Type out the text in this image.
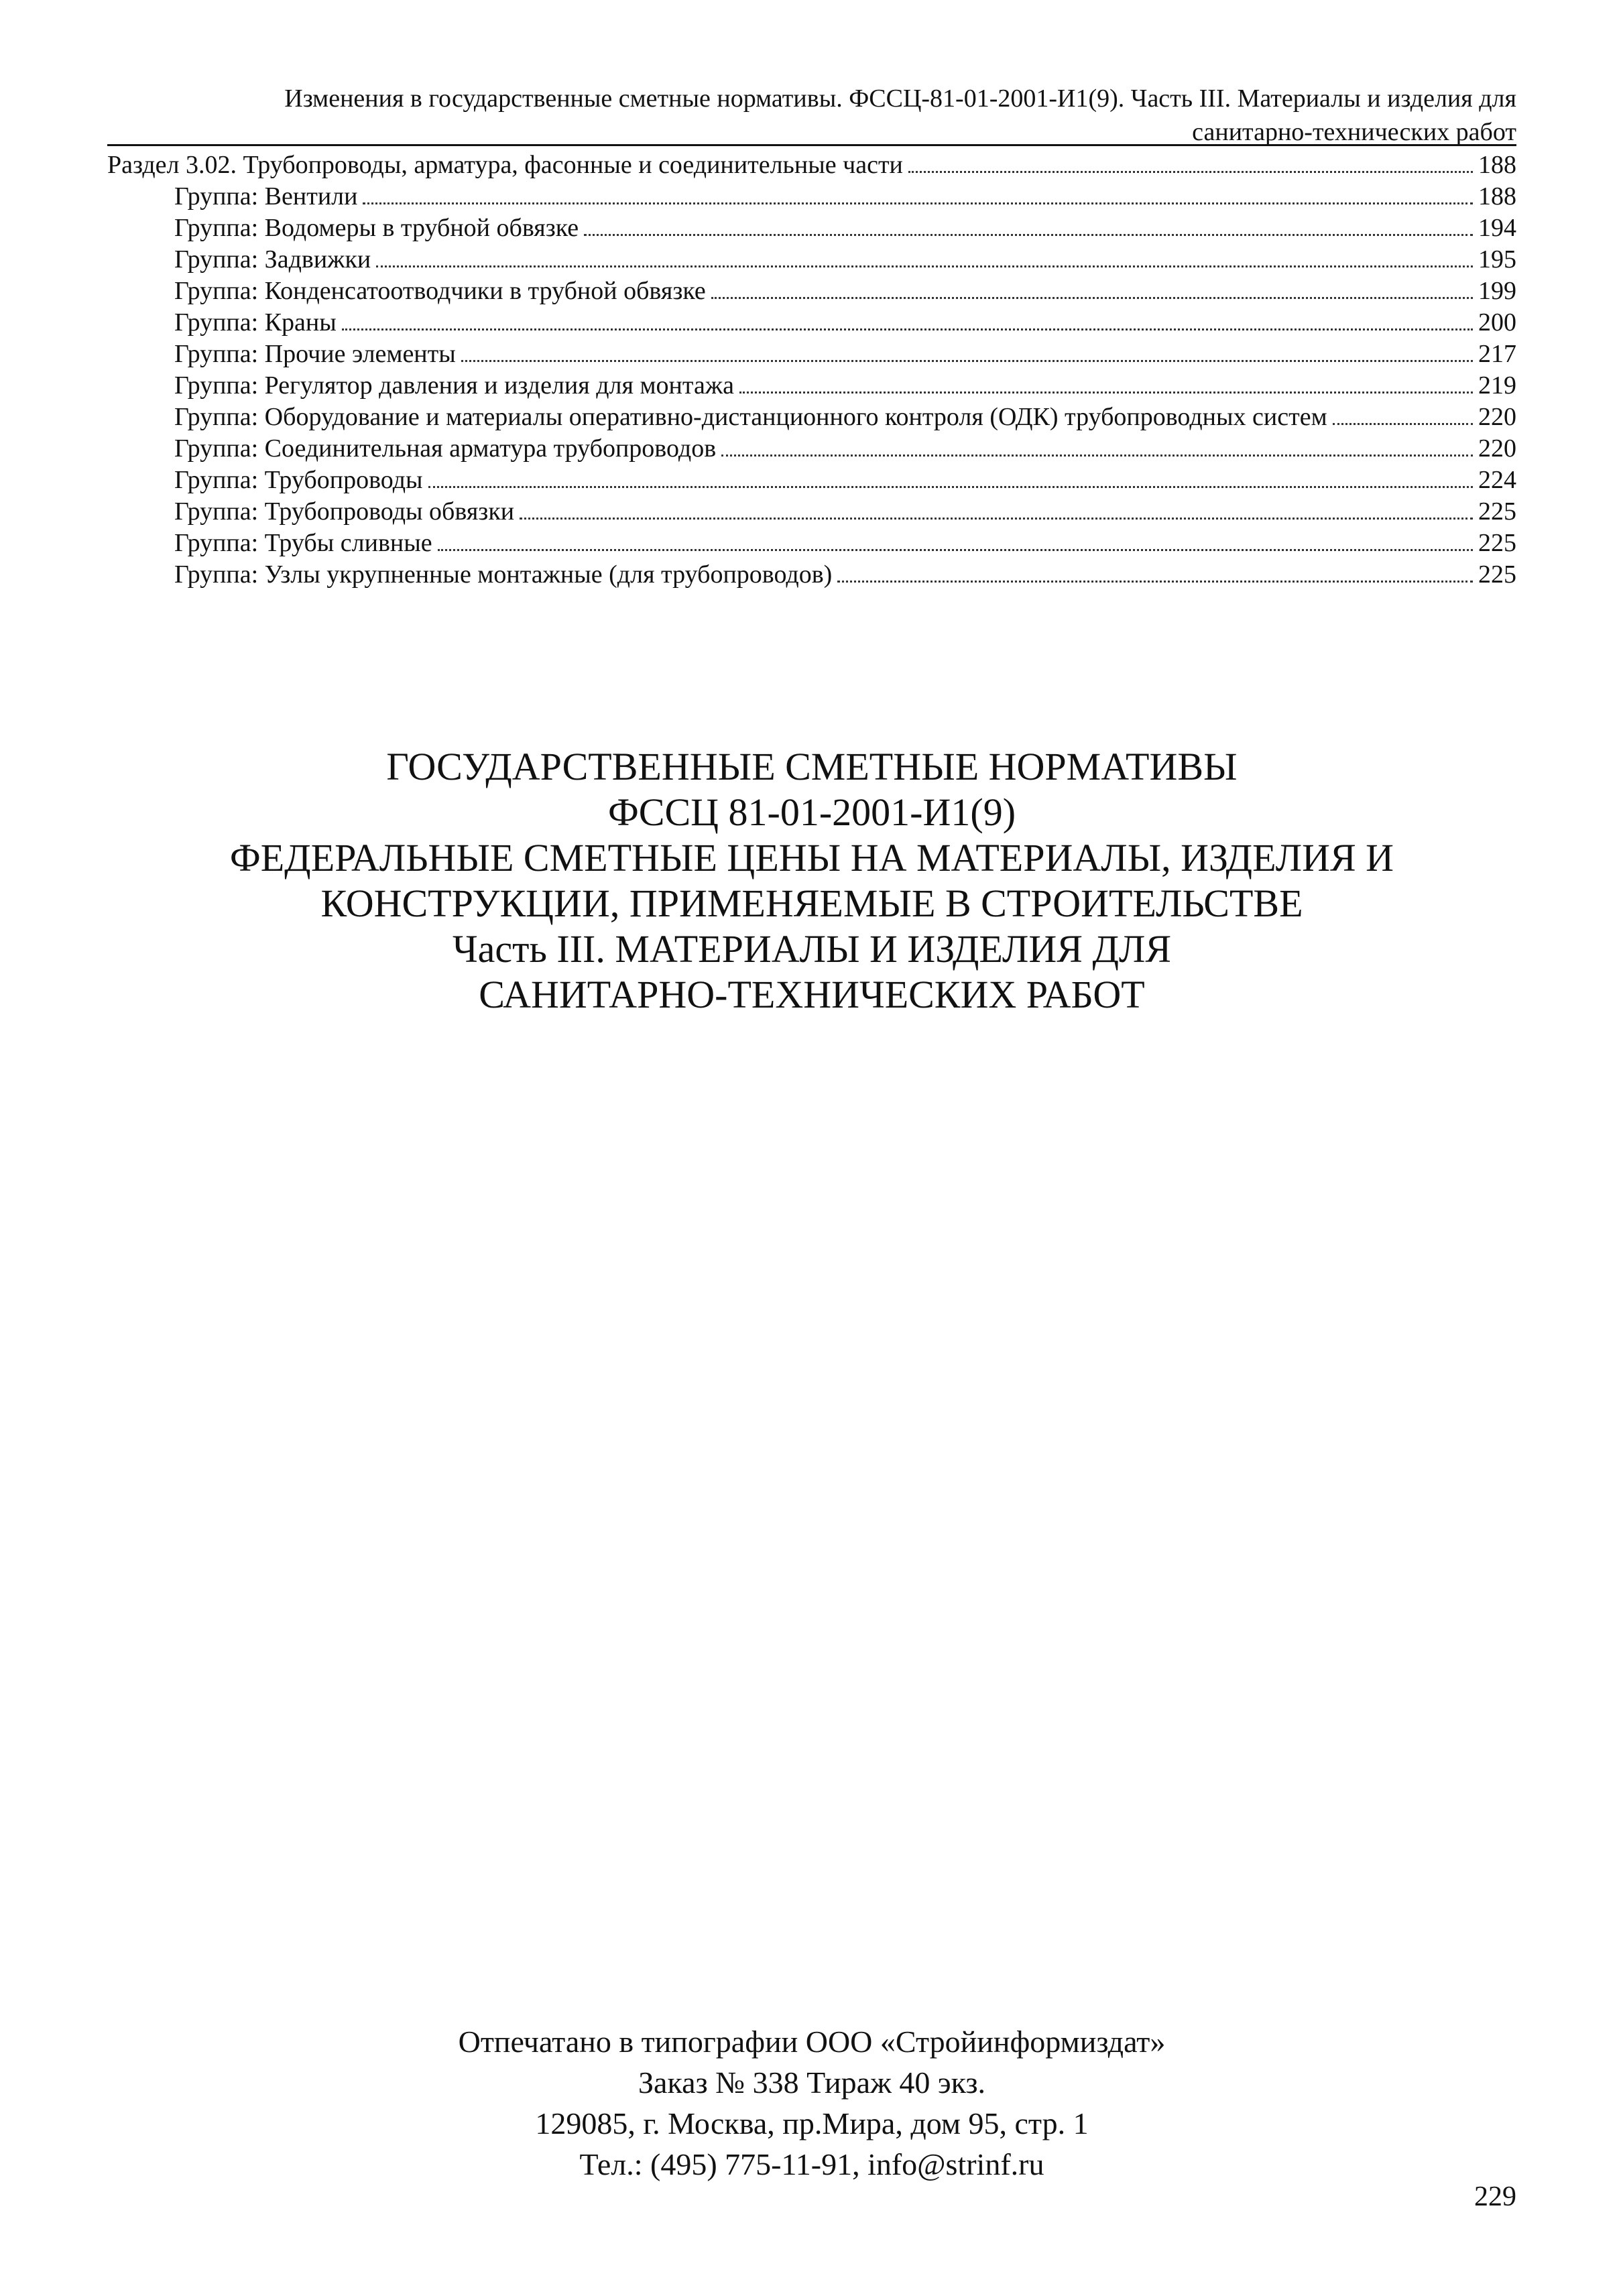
Изменения в государственные сметные нормативы. ФССЦ-81-01-2001-И1(9). Часть III. Материалы и изделия для
санитарно-технических работ
Раздел 3.02. Трубопроводы, арматура, фасонные и соединительные части	188
Группа: Вентили	188
Группа: Водомеры в трубной обвязке	194
Группа: Задвижки	195
Группа: Конденсатоотводчики в трубной обвязке	199
Группа: Краны	200
Группа: Прочие элементы	217
Группа: Регулятор давления и изделия для монтажа	219
Группа: Оборудование и материалы оперативно-дистанционного контроля (ОДК) трубопроводных систем	220
Группа: Соединительная арматура трубопроводов	220
Группа: Трубопроводы	224
Группа: Трубопроводы обвязки	225
Группа: Трубы сливные	225
Группа: Узлы укрупненные монтажные (для трубопроводов)	225
ГОСУДАРСТВЕННЫЕ СМЕТНЫЕ НОРМАТИВЫ
ФССЦ 81-01-2001-И1(9)
ФЕДЕРАЛЬНЫЕ СМЕТНЫЕ ЦЕНЫ НА МАТЕРИАЛЫ, ИЗДЕЛИЯ И
КОНСТРУКЦИИ, ПРИМЕНЯЕМЫЕ В СТРОИТЕЛЬСТВЕ
Часть III. МАТЕРИАЛЫ И ИЗДЕЛИЯ ДЛЯ
САНИТАРНО-ТЕХНИЧЕСКИХ РАБОТ
Отпечатано в типографии ООО «Стройинформиздат»
Заказ № 338 Тираж 40 экз.
129085, г. Москва, пр.Мира, дом 95, стр. 1
Тел.: (495) 775-11-91, info@strinf.ru
229
